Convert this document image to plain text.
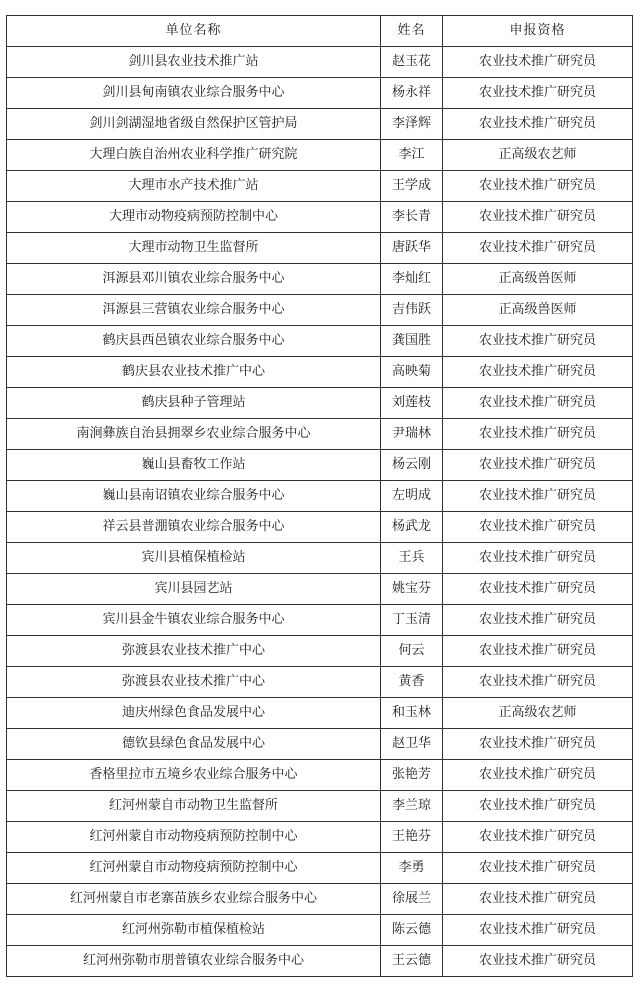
单位名称	姓名	申报资格
剑川县农业技术推广站	赵玉花	农业技术推广研究员
剑川县甸南镇农业综合服务中心	杨永祥	农业技术推广研究员
剑川剑湖湿地省级自然保护区管护局	李泽辉	农业技术推广研究员
大理白族自治州农业科学推广研究院	李江	正高级农艺师
大理市水产技术推广站	王学成	农业技术推广研究员
大理市动物疫病预防控制中心	李长青	农业技术推广研究员
大理市动物卫生监督所	唐跃华	农业技术推广研究员
洱源县邓川镇农业综合服务中心	李灿红	正高级兽医师
洱源县三营镇农业综合服务中心	吉伟跃	正高级兽医师
鹤庆县西邑镇农业综合服务中心	龚国胜	农业技术推广研究员
鹤庆县农业技术推广中心	高映菊	农业技术推广研究员
鹤庆县种子管理站	刘莲枝	农业技术推广研究员
南涧彝族自治县拥翠乡农业综合服务中心	尹瑞林	农业技术推广研究员
巍山县畜牧工作站	杨云刚	农业技术推广研究员
巍山县南诏镇农业综合服务中心	左明成	农业技术推广研究员
祥云县普淜镇农业综合服务中心	杨武龙	农业技术推广研究员
宾川县植保植检站	王兵	农业技术推广研究员
宾川县园艺站	姚宝芬	农业技术推广研究员
宾川县金牛镇农业综合服务中心	丁玉清	农业技术推广研究员
弥渡县农业技术推广中心	何云	农业技术推广研究员
弥渡县农业技术推广中心	黄香	农业技术推广研究员
迪庆州绿色食品发展中心	和玉林	正高级农艺师
德钦县绿色食品发展中心	赵卫华	农业技术推广研究员
香格里拉市五境乡农业综合服务中心	张艳芳	农业技术推广研究员
红河州蒙自市动物卫生监督所	李兰琼	农业技术推广研究员
红河州蒙自市动物疫病预防控制中心	王艳芬	农业技术推广研究员
红河州蒙自市动物疫病预防控制中心	李勇	农业技术推广研究员
红河州蒙自市老寨苗族乡农业综合服务中心	徐展兰	农业技术推广研究员
红河州弥勒市植保植检站	陈云德	农业技术推广研究员
红河州弥勒市朋普镇农业综合服务中心	王云德	农业技术推广研究员
